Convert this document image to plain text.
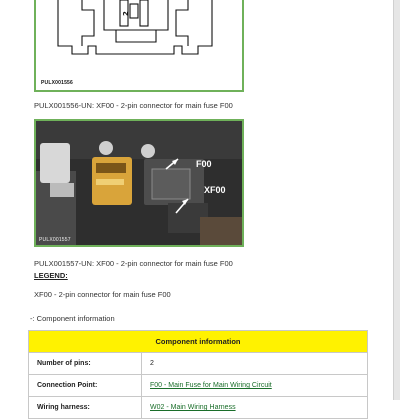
2
PULX001556
PULX001556-UN: XF00 - 2-pin connector for main fuse F00
F00
XF00
PULX001557
PULX001557-UN: XF00 - 2-pin connector for main fuse F00
LEGEND:
XF00 - 2-pin connector for main fuse F00
-: Component information
Component information	
Number of pins:	2
Connection Point:	F00 - Main Fuse for Main Wiring Circuit
Wiring harness:	W02 - Main Wiring Harness
